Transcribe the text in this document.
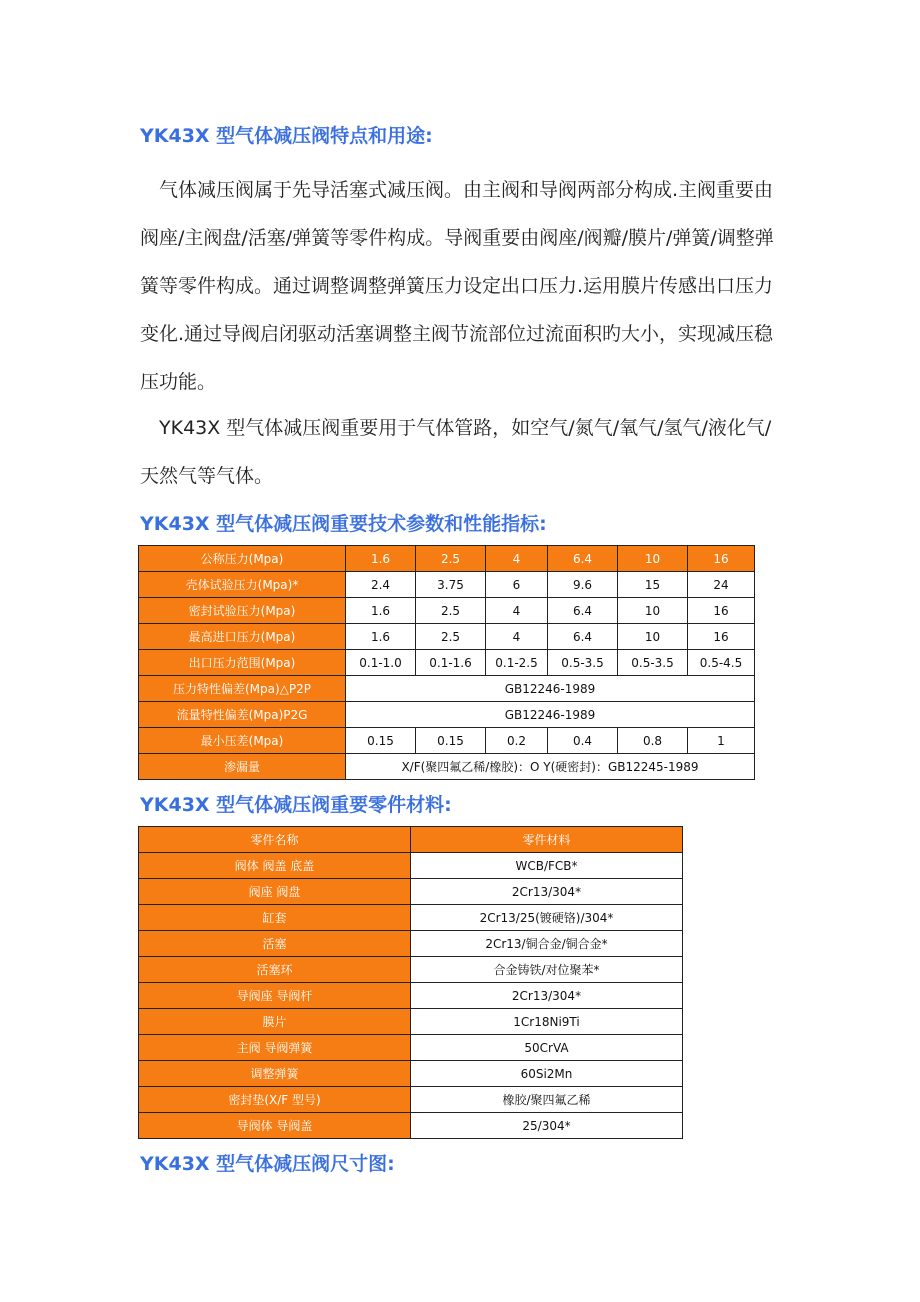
YK43X 型气体减压阀特点和用途:

气体减压阀属于先导活塞式减压阀。由主阀和导阀两部分构成.主阀重要由阀座/主阀盘/活塞/弹簧等零件构成。导阀重要由阀座/阀瓣/膜片/弹簧/调整弹簧等零件构成。通过调整调整弹簧压力设定出口压力.运用膜片传感出口压力变化.通过导阀启闭驱动活塞调整主阀节流部位过流面积旳大小，实现减压稳压功能。

YK43X 型气体减压阀重要用于气体管路，如空气/氮气/氧气/氢气/液化气/天然气等气体。

YK43X 型气体减压阀重要技术参数和性能指标:
公称压力(Mpa)	1.6	2.5	4	6.4	10	16
壳体试验压力(Mpa)*	2.4	3.75	6	9.6	15	24
密封试验压力(Mpa)	1.6	2.5	4	6.4	10	16
最高进口压力(Mpa)	1.6	2.5	4	6.4	10	16
出口压力范围(Mpa)	0.1-1.0	0.1-1.6	0.1-2.5	0.5-3.5	0.5-3.5	0.5-4.5
压力特性偏差(Mpa)△P2P	GB12246-1989					
流量特性偏差(Mpa)P2G	GB12246-1989					
最小压差(Mpa)	0.15	0.15	0.2	0.4	0.8	1
渗漏量	X/F(聚四氟乙稀/橡胶)：O Y(硬密封)：GB12245-1989					
YK43X 型气体减压阀重要零件材料:
零件名称	零件材料
阀体 阀盖 底盖	WCB/FCB*
阀座 阀盘	2Cr13/304*
缸套	2Cr13/25(镀硬铬)/304*
活塞	2Cr13/铜合金/铜合金*
活塞环	合金铸铁/对位聚苯*
导阀座 导阀杆	2Cr13/304*
膜片	1Cr18Ni9Ti
主阀 导阀弹簧	50CrVA
调整弹簧	60Si2Mn
密封垫(X/F 型号)	橡胶/聚四氟乙稀
导阀体 导阀盖	25/304*
YK43X 型气体减压阀尺寸图:
